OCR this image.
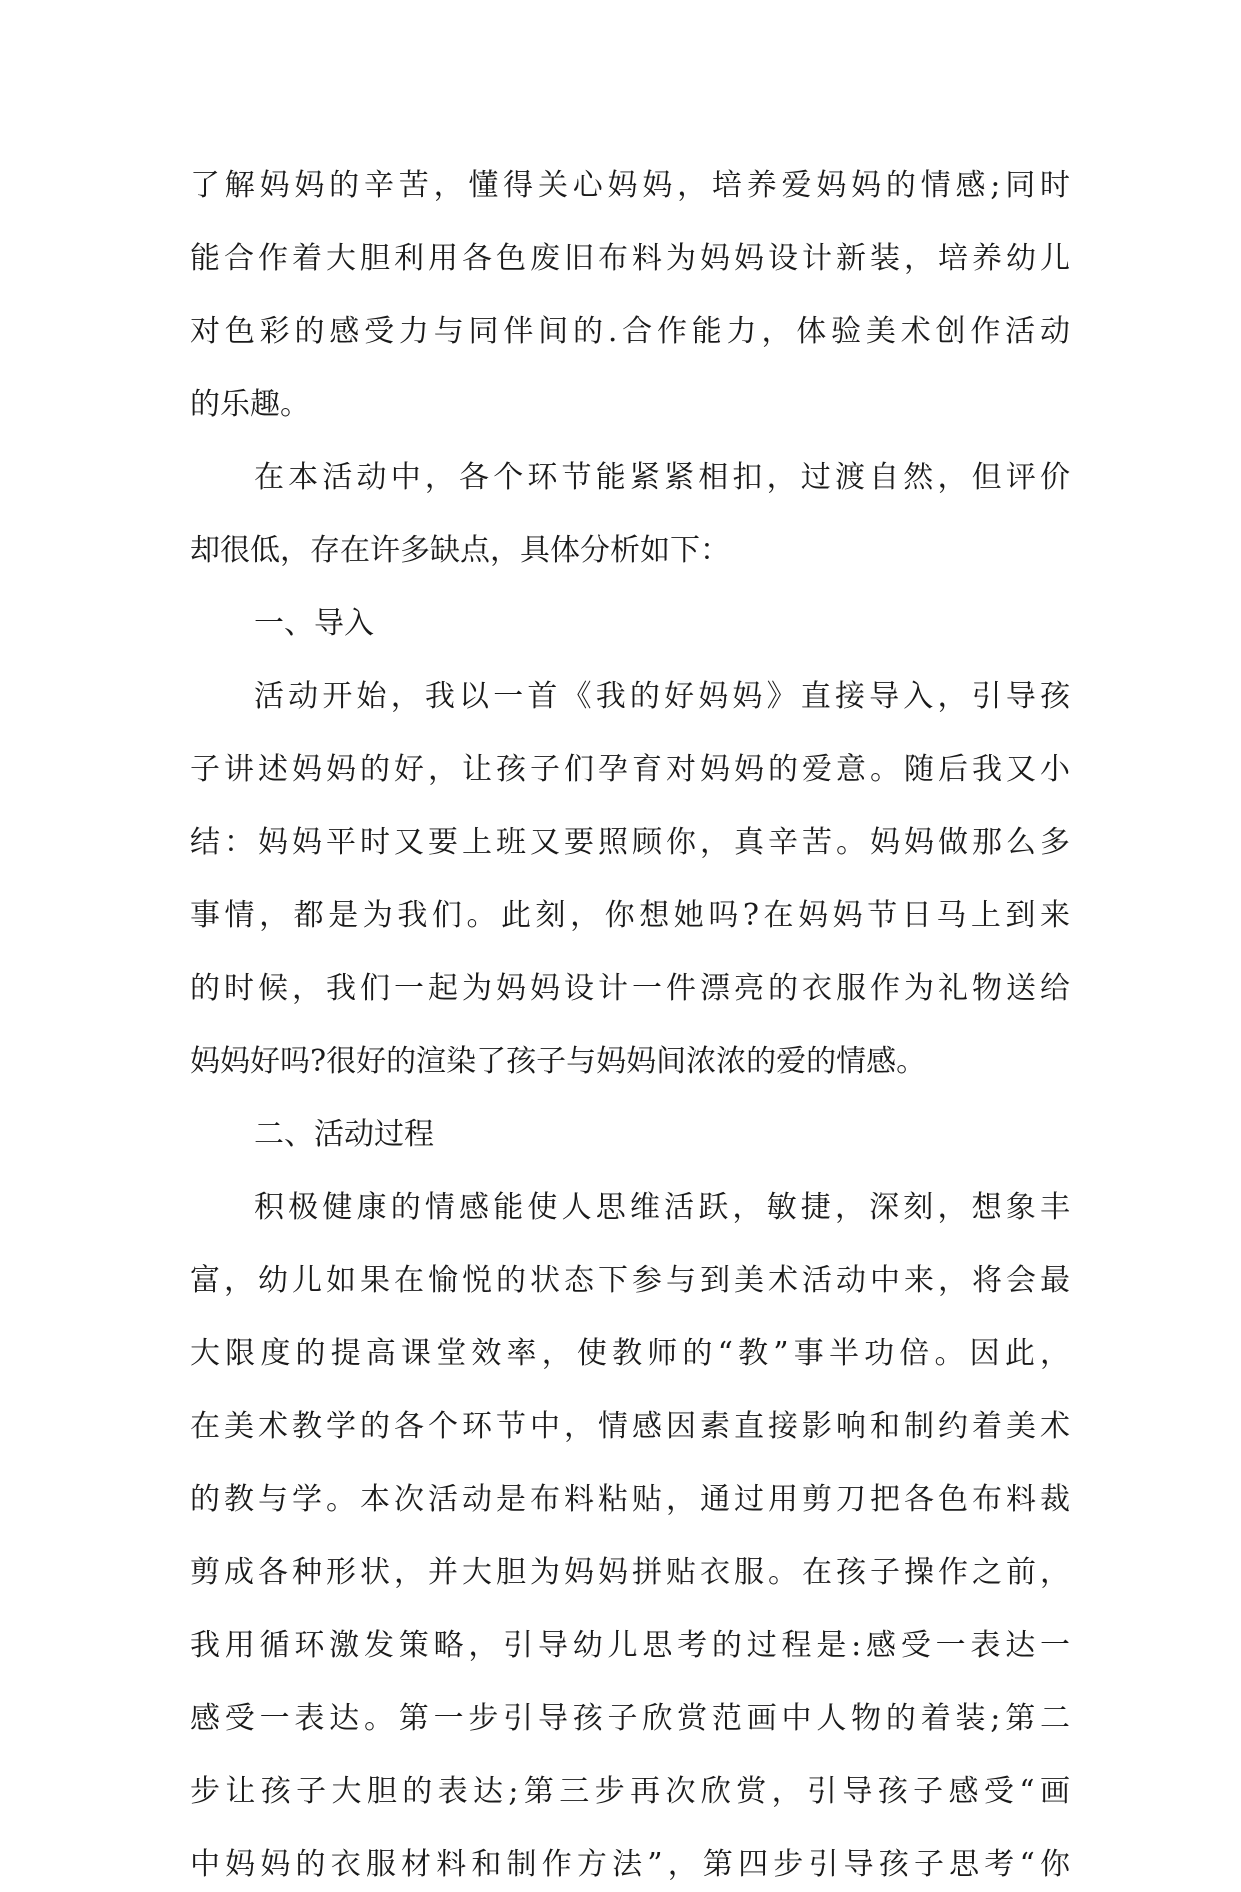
了解妈妈的辛苦，懂得关心妈妈，培养爱妈妈的情感;同时
能合作着大胆利用各色废旧布料为妈妈设计新装，培养幼儿
对色彩的感受力与同伴间的.合作能力，体验美术创作活动
的乐趣。
在本活动中，各个环节能紧紧相扣，过渡自然，但评价
却很低，存在许多缺点，具体分析如下：
一、导入
活动开始，我以一首《我的好妈妈》直接导入，引导孩
子讲述妈妈的好，让孩子们孕育对妈妈的爱意。随后我又小
结：妈妈平时又要上班又要照顾你，真辛苦。妈妈做那么多
事情，都是为我们。此刻，你想她吗?在妈妈节日马上到来
的时候，我们一起为妈妈设计一件漂亮的衣服作为礼物送给
妈妈好吗?很好的渲染了孩子与妈妈间浓浓的爱的情感。
二、活动过程
积极健康的情感能使人思维活跃，敏捷，深刻，想象丰
富，幼儿如果在愉悦的状态下参与到美术活动中来，将会最
大限度的提高课堂效率，使教师的“教”事半功倍。因此，
在美术教学的各个环节中，情感因素直接影响和制约着美术
的教与学。本次活动是布料粘贴，通过用剪刀把各色布料裁
剪成各种形状，并大胆为妈妈拼贴衣服。在孩子操作之前，
我用循环激发策略，引导幼儿思考的过程是:感受一表达一
感受一表达。第一步引导孩子欣赏范画中人物的着装;第二
步让孩子大胆的表达;第三步再次欣赏，引导孩子感受“画
中妈妈的衣服材料和制作方法”，第四步引导孩子思考“你
